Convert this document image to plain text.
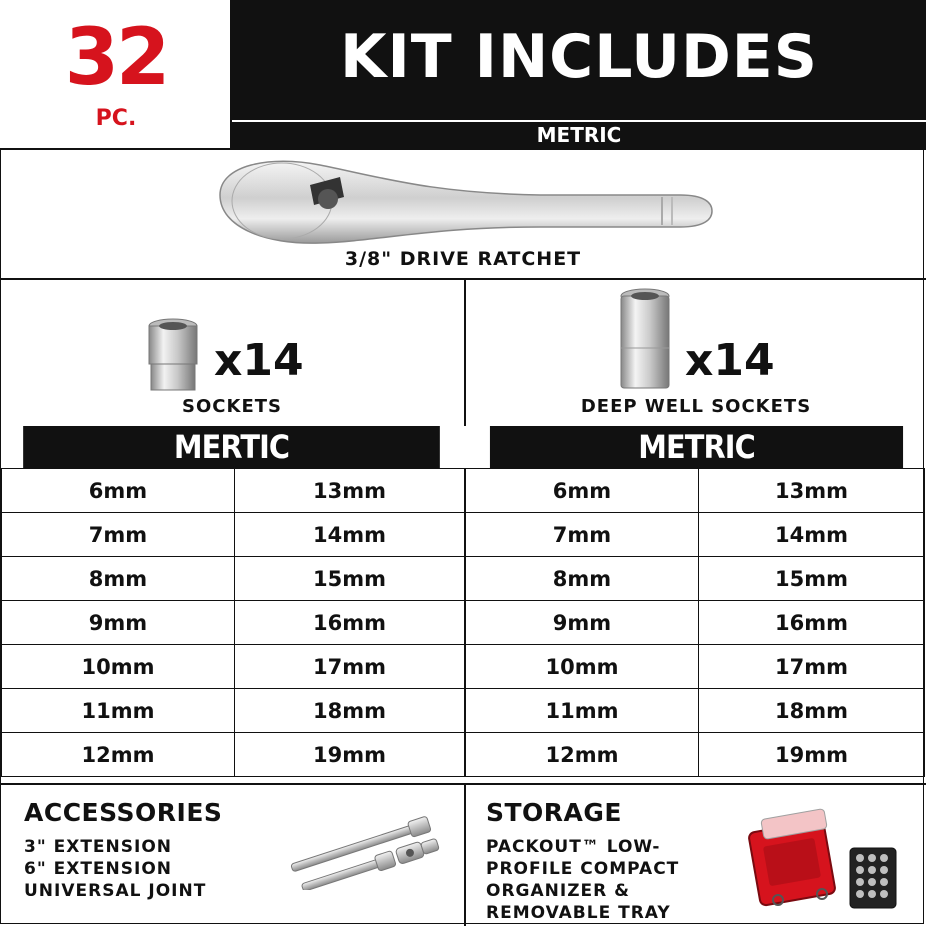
32
PC.
KIT INCLUDES
METRIC
3/8" DRIVE RATCHET
x14
SOCKETS
x14
DEEP WELL SOCKETS
MERTIC	METRIC
6mm	13mm
7mm	14mm
8mm	15mm
9mm	16mm
10mm	17mm
11mm	18mm
12mm	19mm
6mm	13mm
7mm	14mm
8mm	15mm
9mm	16mm
10mm	17mm
11mm	18mm
12mm	19mm
ACCESSORIES
3" EXTENSION
6" EXTENSION
UNIVERSAL JOINT
STORAGE
PACKOUT™ LOW-
PROFILE COMPACT
ORGANIZER &
REMOVABLE TRAY
